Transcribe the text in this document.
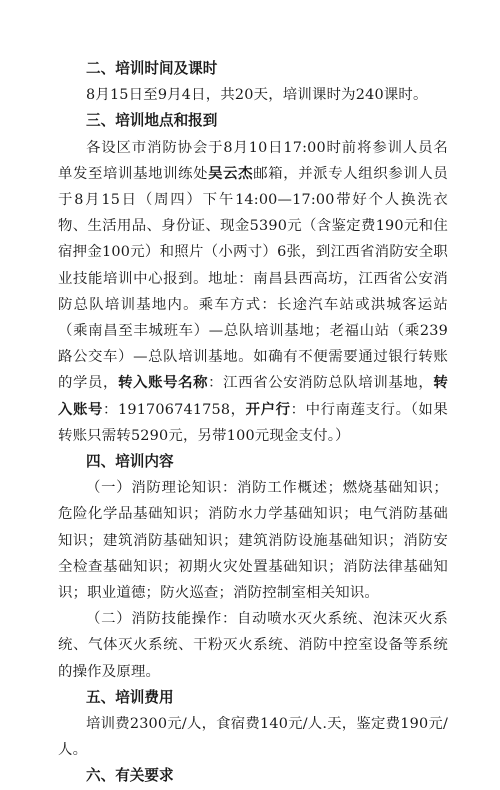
二、培训时间及课时

8月15日至9月4日，共20天，培训课时为240课时。

三、培训地点和报到

各设区市消防协会于8月10日17:00时前将参训人员名单发至培训基地训练处吴云杰邮箱，并派专人组织参训人员于8月15日（周四）下午14:00—17:00带好个人换洗衣物、生活用品、身份证、现金5390元（含鉴定费190元和住宿押金100元）和照片（小两寸）6张，到江西省消防安全职业技能培训中心报到。地址：南昌县西高坊，江西省公安消防总队培训基地内。乘车方式：长途汽车站或洪城客运站（乘南昌至丰城班车）—总队培训基地；老福山站（乘239路公交车）—总队培训基地。如确有不便需要通过银行转账的学员，转入账号名称：江西省公安消防总队培训基地，转入账号：191706741758，开户行：中行南莲支行。（如果转账只需转5290元，另带100元现金支付。）

四、培训内容

（一）消防理论知识：消防工作概述；燃烧基础知识；危险化学品基础知识；消防水力学基础知识；电气消防基础知识；建筑消防基础知识；建筑消防设施基础知识；消防安全检查基础知识；初期火灾处置基础知识；消防法律基础知识；职业道德；防火巡查；消防控制室相关知识。

（二）消防技能操作：自动喷水灭火系统、泡沫灭火系统、气体灭火系统、干粉灭火系统、消防中控室设备等系统的操作及原理。

五、培训费用

培训费2300元/人，食宿费140元/人.天，鉴定费190元/人。

六、有关要求
